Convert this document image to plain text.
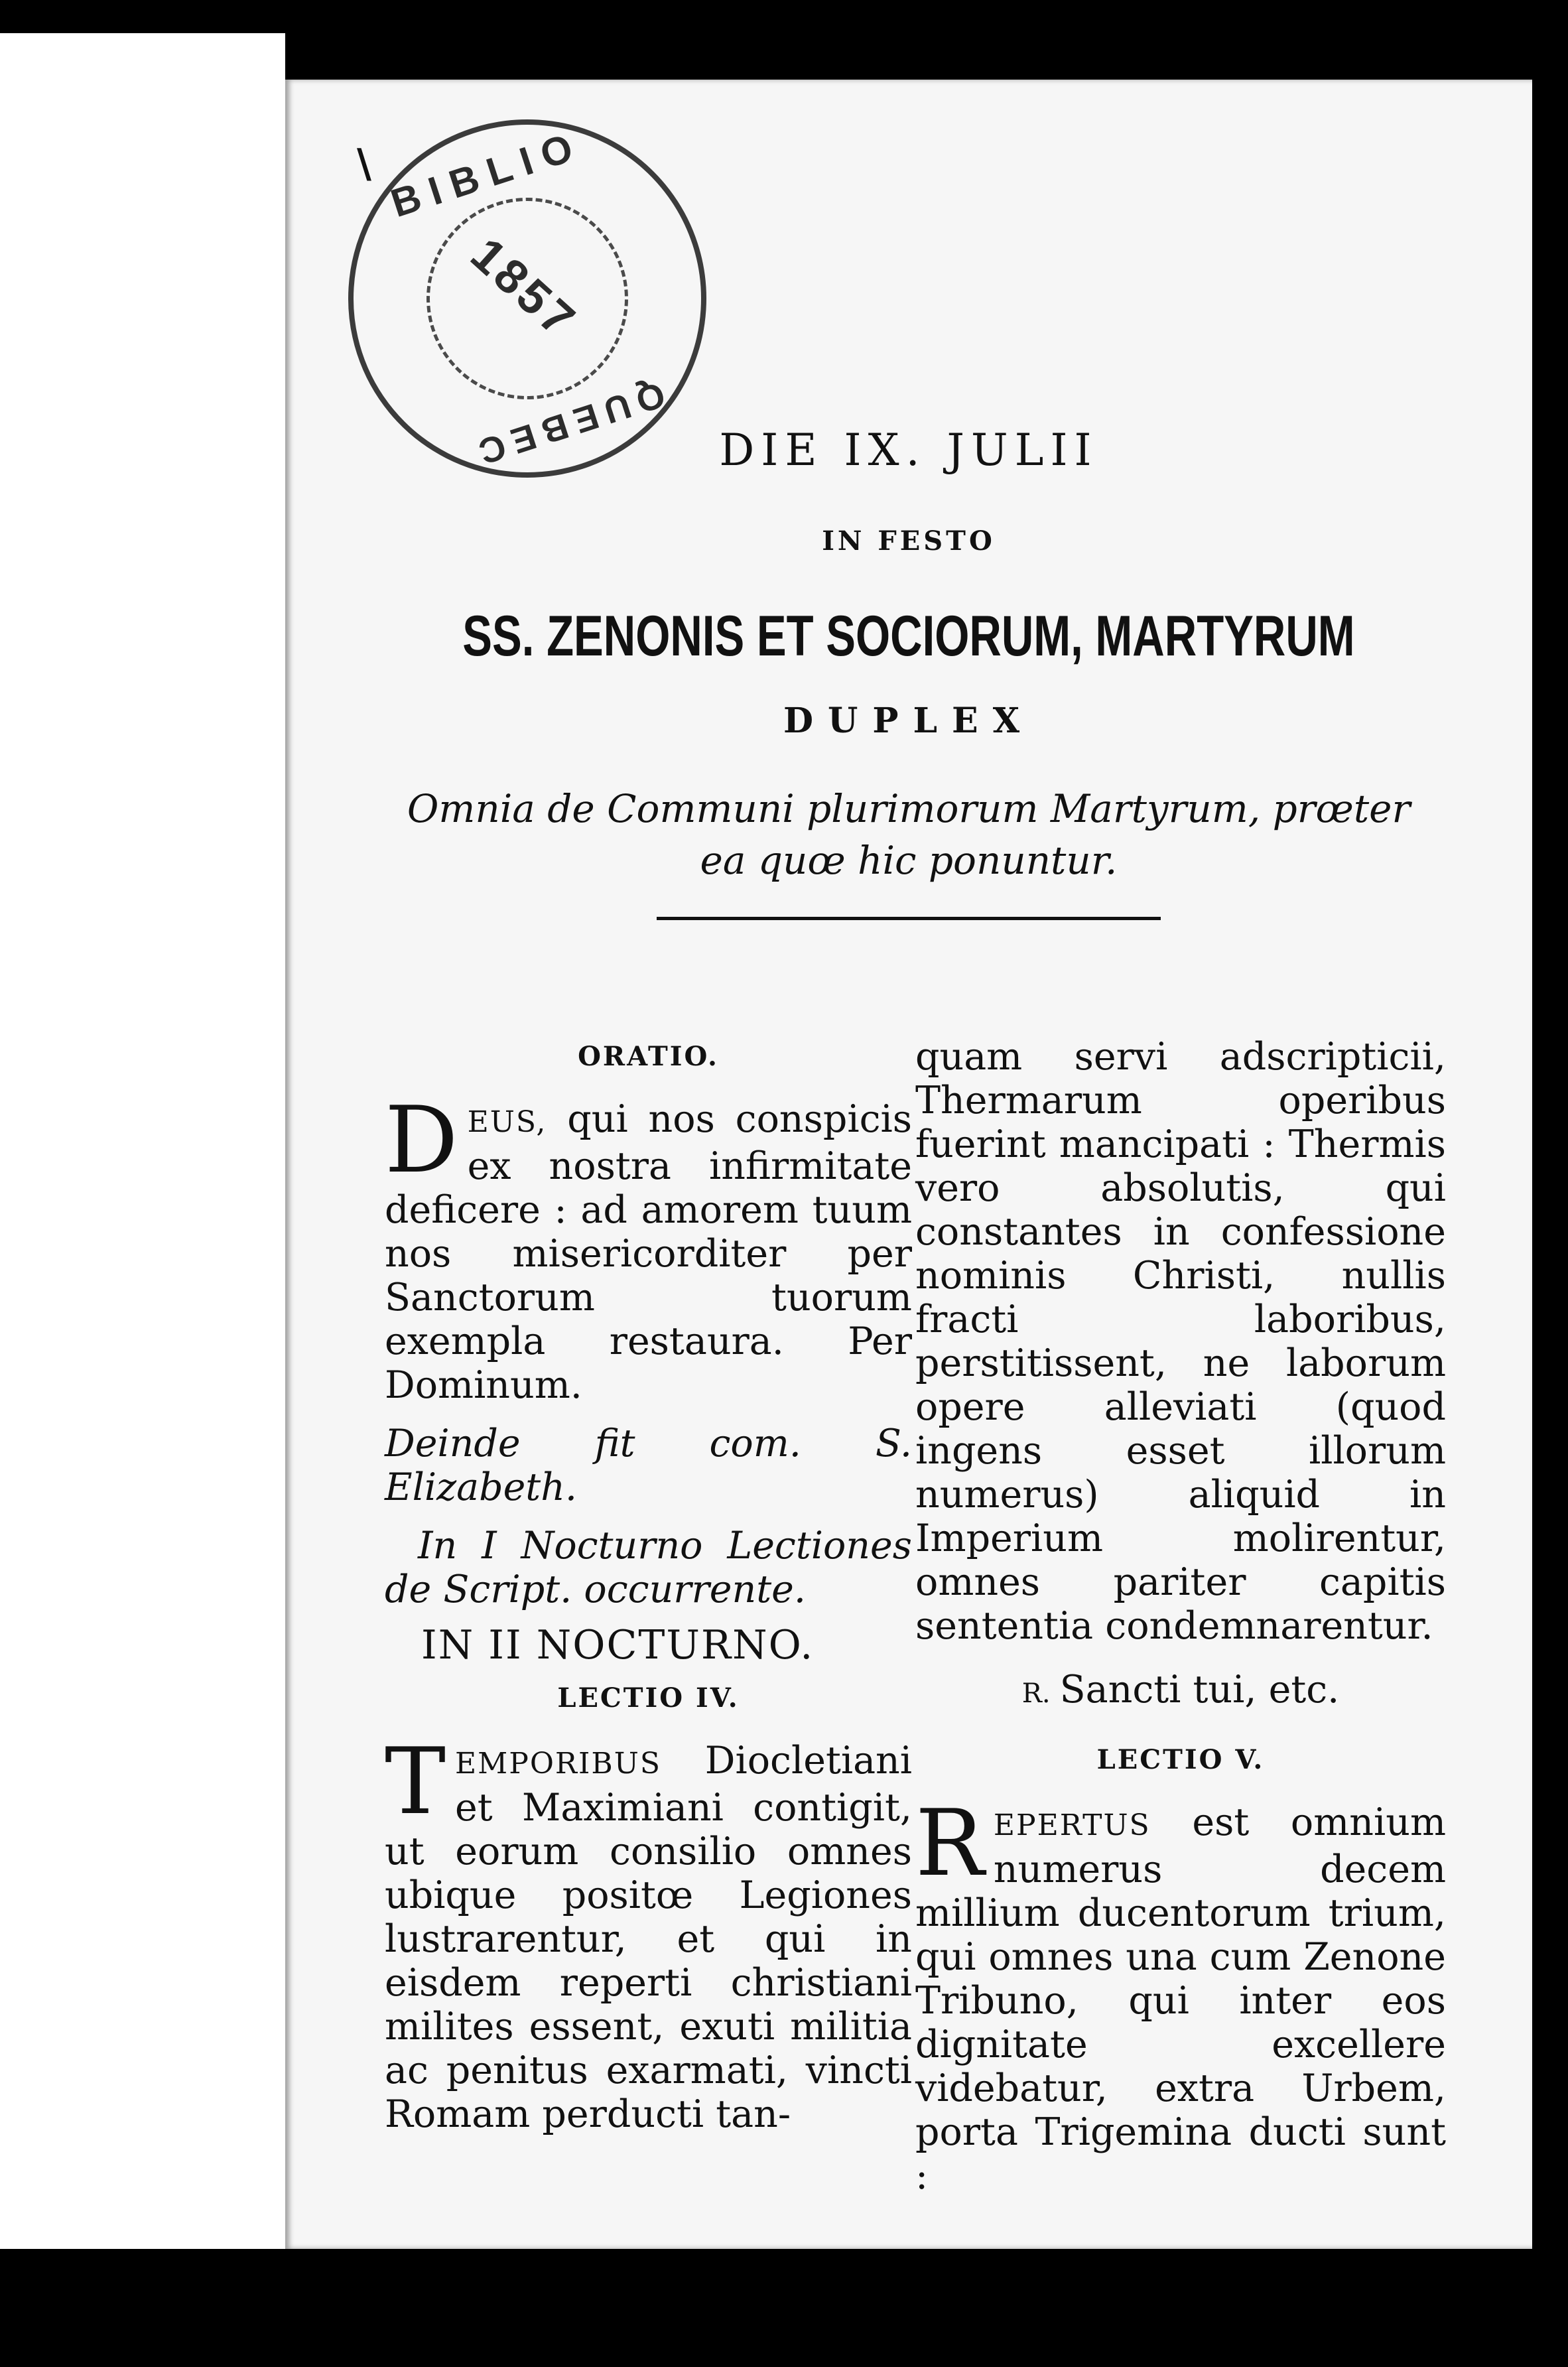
BIBLIO
1857
QUEBEC
\
DIE IX. JULII
IN FESTO
SS. ZENONIS ET SOCIORUM, MARTYRUM
DUPLEX
Omnia de Communi plurimorum Martyrum, prœter ea quœ hic ponuntur.

ORATIO.

DEUS, qui nos conspicis ex nostra infirmitate deficere : ad amorem tuum nos misericorditer per Sanctorum tuorum exempla restaura. Per Dominum.

Deinde fit com. S. Elizabeth.

In I Nocturno Lectiones de Script. occurrente.

IN II NOCTURNO.

LECTIO IV.

TEMPORIBUS Diocletiani et Maximiani contigit, ut eorum consilio omnes ubique positœ Legiones lustrarentur, et qui in eisdem reperti christiani milites essent, exuti militia ac penitus exarmati, vincti Romam perducti tan-

quam servi adscripticii, Thermarum operibus fuerint mancipati : Thermis vero absolutis, qui constantes in confessione nominis Christi, nullis fracti laboribus, perstitissent, ne laborum opere alleviati (quod ingens esset illorum numerus) aliquid in Imperium molirentur, omnes pariter capitis sententia condemnarentur.

R. Sancti tui, etc.

LECTIO V.

REPERTUS est omnium numerus decem millium ducentorum trium, qui omnes una cum Zenone Tribuno, qui inter eos dignitate excellere videbatur, extra Urbem, porta Trigemina ducti sunt :
